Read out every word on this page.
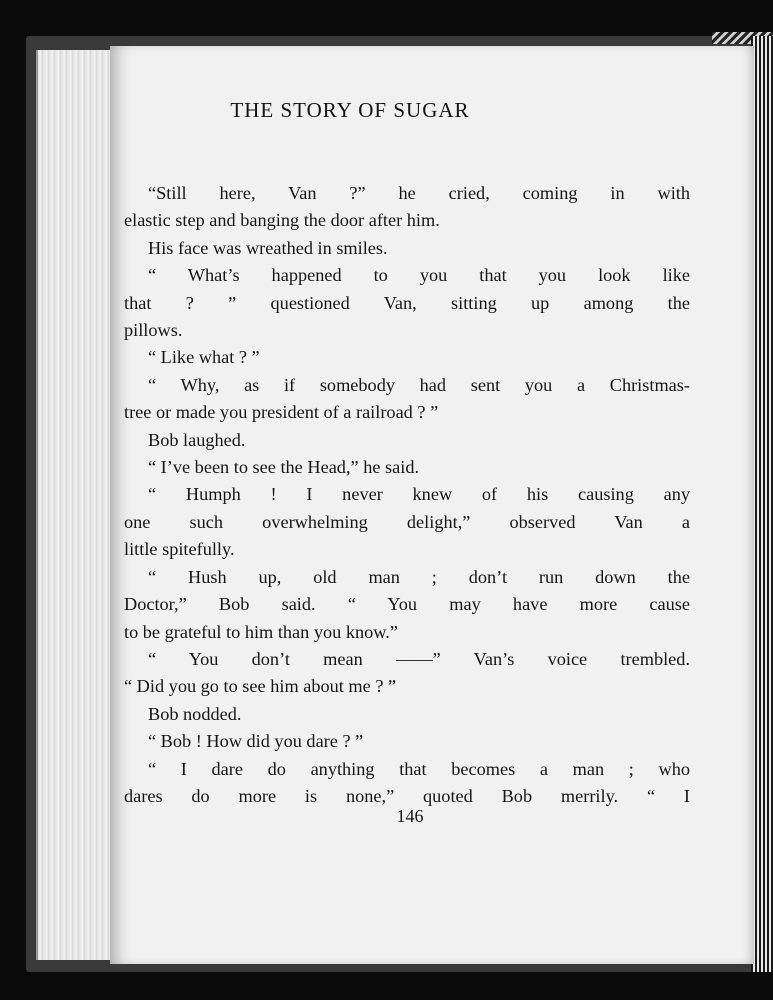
THE STORY OF SUGAR
“Still here, Van ?” he cried, coming in with
elastic step and banging the door after him.
His face was wreathed in smiles.
“ What’s happened to you that you look like
that ? ” questioned Van, sitting up among the
pillows.
“ Like what ? ”
“ Why, as if somebody had sent you a Christmas-
tree or made you president of a railroad ? ”
Bob laughed.
“ I’ve been to see the Head,” he said.
“ Humph ! I never knew of his causing any
one such overwhelming delight,” observed Van a
little spitefully.
“ Hush up, old man ; don’t run down the
Doctor,” Bob said. “ You may have more cause
to be grateful to him than you know.”
“ You don’t mean ——” Van’s voice trembled.
“ Did you go to see him about me ? ”
Bob nodded.
“ Bob ! How did you dare ? ”
“ I dare do anything that becomes a man ; who
dares do more is none,” quoted Bob merrily. “ I
146
